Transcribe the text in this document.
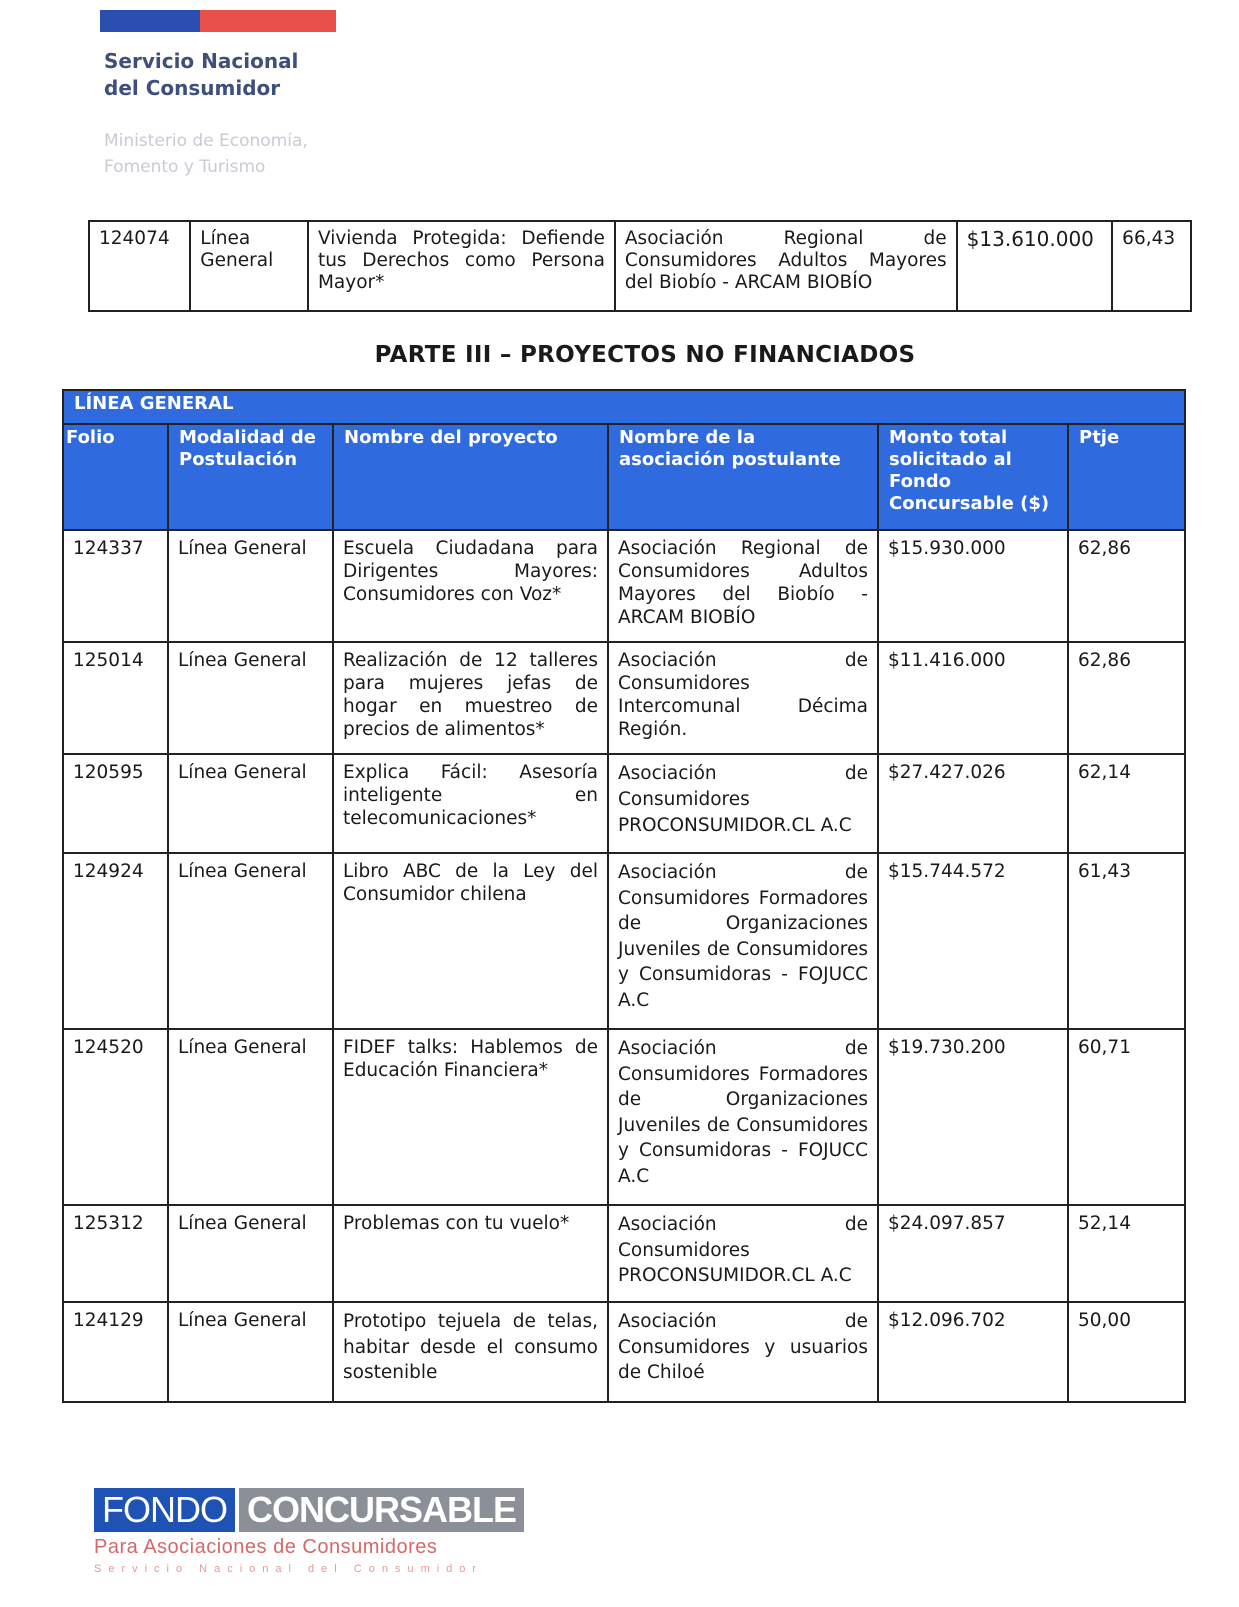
Servicio Nacional
del Consumidor
Ministerio de Economía,
Fomento y Turismo
124074	Línea General	Vivienda Protegida: Defiende tus Derechos como Persona Mayor*	Asociación Regional de Consumidores Adultos Mayores del Biobío - ARCAM BIOBÍO	$13.610.000	66,43
PARTE III – PROYECTOS NO FINANCIADOS
LÍNEA GENERAL					
Folio	Modalidad de Postulación	Nombre del proyecto	Nombre de la asociación postulante	Monto total solicitado al Fondo Concursable ($)	Ptje
124337	Línea General	Escuela Ciudadana para Dirigentes Mayores: Consumidores con Voz*	Asociación Regional de Consumidores Adultos Mayores del Biobío - ARCAM BIOBÍO	$15.930.000	62,86
125014	Línea General	Realización de 12 talleres para mujeres jefas de hogar en muestreo de precios de alimentos*	Asociación de Consumidores Intercomunal Décima Región.	$11.416.000	62,86
120595	Línea General	Explica Fácil: Asesoría inteligente en telecomunicaciones*	Asociación de Consumidores PROCONSUMIDOR.CL A.C	$27.427.026	62,14
124924	Línea General	Libro ABC de la Ley del Consumidor chilena	Asociación de Consumidores Formadores de Organizaciones Juveniles de Consumidores y Consumidoras - FOJUCC A.C	$15.744.572	61,43
124520	Línea General	FIDEF talks: Hablemos de Educación Financiera*	Asociación de Consumidores Formadores de Organizaciones Juveniles de Consumidores y Consumidoras - FOJUCC A.C	$19.730.200	60,71
125312	Línea General	Problemas con tu vuelo*	Asociación de Consumidores PROCONSUMIDOR.CL A.C	$24.097.857	52,14
124129	Línea General	Prototipo tejuela de telas, habitar desde el consumo sostenible	Asociación de Consumidores y usuarios de Chiloé	$12.096.702	50,00
FONDO CONCURSABLE
Para Asociaciones de Consumidores
Servicio Nacional del Consumidor
